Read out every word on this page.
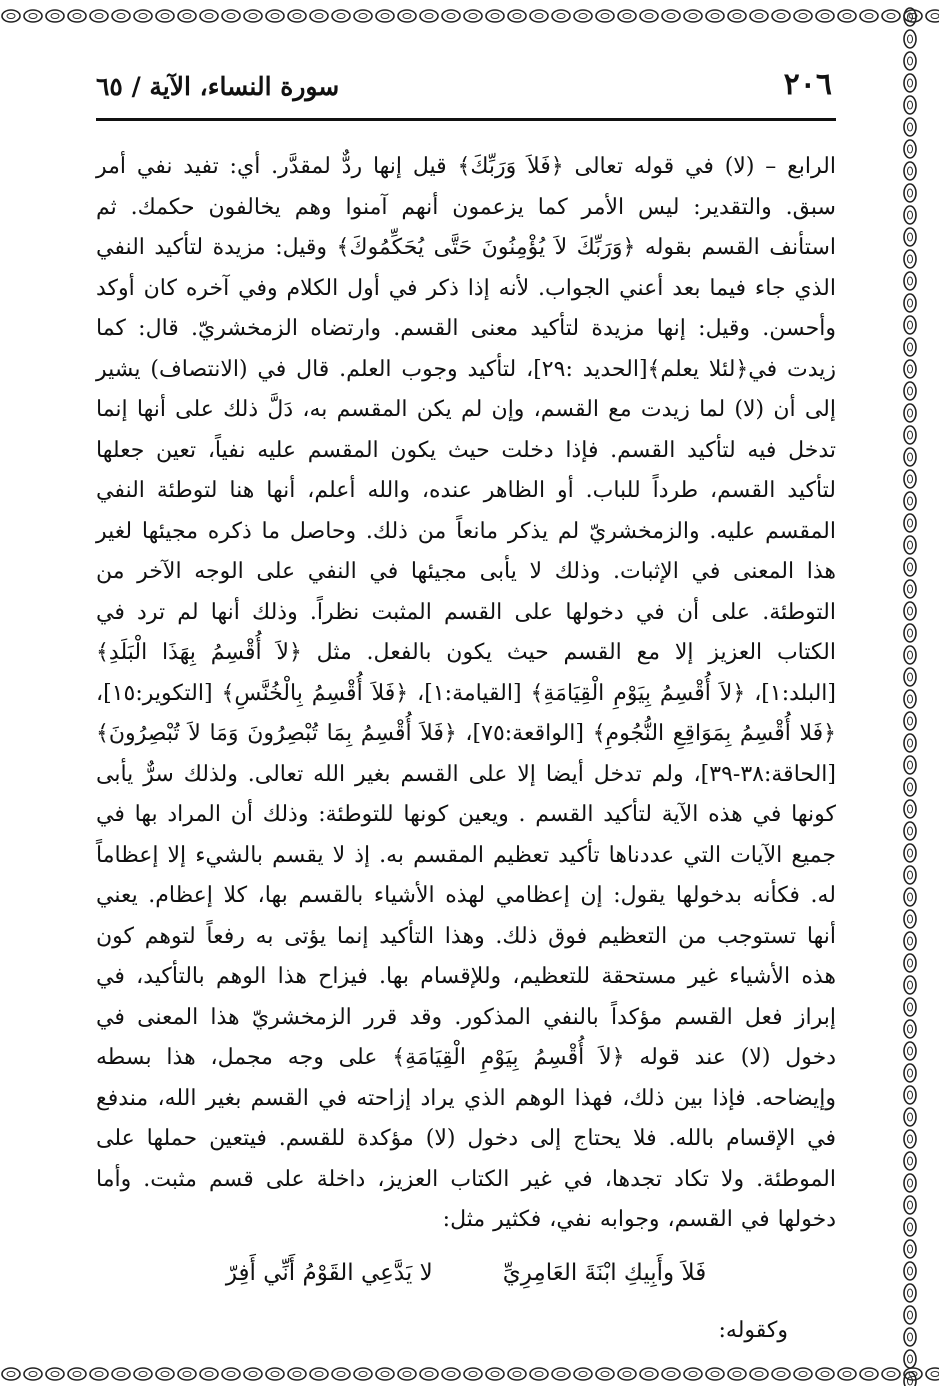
٢٠٦
سورة النساء، الآية / ٦٥

الرابع – (لا) في قوله تعالى ﴿فَلاَ وَرَبِّكَ﴾ قيل إنها ردٌّ لمقدَّر. أي: تفيد نفي أمر سبق. والتقدير: ليس الأمر كما يزعمون أنهم آمنوا وهم يخالفون حكمك. ثم استأنف القسم بقوله ﴿وَرَبِّكَ لاَ يُؤْمِنُونَ حَتَّى يُحَكِّمُوكَ﴾ وقيل: مزيدة لتأكيد النفي الذي جاء فيما بعد أعني الجواب. لأنه إذا ذكر في أول الكلام وفي آخره كان أوكد وأحسن. وقيل: إنها مزيدة لتأكيد معنى القسم. وارتضاه الزمخشريّ. قال: كما زيدت في﴿لئلا يعلم﴾[الحديد :٢٩]، لتأكيد وجوب العلم. قال في (الانتصاف) يشير إلى أن (لا) لما زيدت مع القسم، وإن لم يكن المقسم به، دَلَّ ذلك على أنها إنما تدخل فيه لتأكيد القسم. فإذا دخلت حيث يكون المقسم عليه نفياً، تعين جعلها لتأكيد القسم، طرداً للباب. أو الظاهر عنده، والله أعلم، أنها هنا لتوطئة النفي المقسم عليه. والزمخشريّ لم يذكر مانعاً من ذلك. وحاصل ما ذكره مجيئها لغير هذا المعنى في الإثبات. وذلك لا يأبى مجيئها في النفي على الوجه الآخر من التوطئة. على أن في دخولها على القسم المثبت نظراً. وذلك أنها لم ترد في الكتاب العزيز إلا مع القسم حيث يكون بالفعل. مثل ﴿لاَ أُقْسِمُ بِهَذَا الْبَلَدِ﴾ [البلد:١]، ﴿لاَ أُقْسِمُ بِيَوْمِ الْقِيَامَةِ﴾ [القيامة:١]، ﴿فَلاَ أُقْسِمُ بِالْخُنَّسِ﴾ [التكوير:١٥]، ﴿فَلا أُقْسِمُ بِمَوَاقِعِ النُّجُومِ﴾ [الواقعة:٧٥]، ﴿فَلاَ أُقْسِمُ بِمَا تُبْصِرُونَ وَمَا لاَ تُبْصِرُونَ﴾ [الحاقة:٣٨-٣٩]، ولم تدخل أيضا إلا على القسم بغير الله تعالى. ولذلك سرٌّ يأبى كونها في هذه الآية لتأكيد القسم . ويعين كونها للتوطئة: وذلك أن المراد بها في جميع الآيات التي عددناها تأكيد تعظيم المقسم به. إذ لا يقسم بالشيء إلا إعظاماً له. فكأنه بدخولها يقول: إن إعظامي لهذه الأشياء بالقسم بها، كلا إعظام. يعني أنها تستوجب من التعظيم فوق ذلك. وهذا التأكيد إنما يؤتى به رفعاً لتوهم كون هذه الأشياء غير مستحقة للتعظيم، وللإقسام بها. فيزاح هذا الوهم بالتأكيد، في إبراز فعل القسم مؤكداً بالنفي المذكور. وقد قرر الزمخشريّ هذا المعنى في دخول (لا) عند قوله ﴿لاَ أُقْسِمُ بِيَوْمِ الْقِيَامَةِ﴾ على وجه مجمل، هذا بسطه وإيضاحه. فإذا بين ذلك، فهذا الوهم الذي يراد إزاحته في القسم بغير الله، مندفع في الإقسام بالله. فلا يحتاج إلى دخول (لا) مؤكدة للقسم. فيتعين حملها على الموطئة. ولا تكاد تجدها، في غير الكتاب العزيز، داخلة على قسم مثبت. وأما دخولها في القسم، وجوابه نفي، فكثير مثل:

فَلاَ وأَبِيكِ ابْنَةَ العَامِرِيِّ
لا يَدَّعِي القَوْمُ أَنِّي أَفِرّ
وكقوله:
